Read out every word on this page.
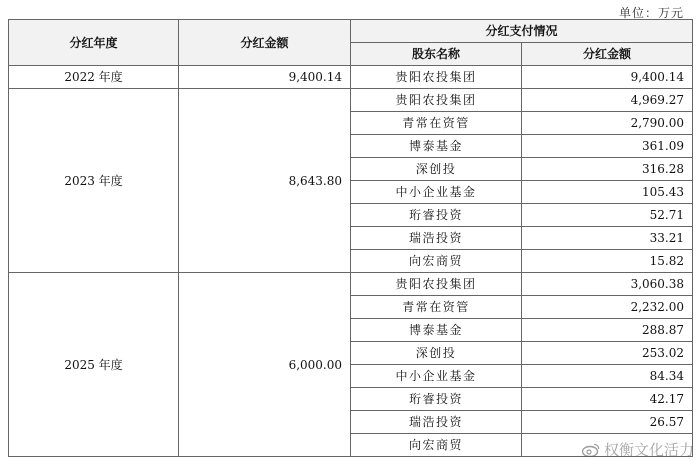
单位：万元
分红年度	分红金额	分红支付情况	
		股东名称	分红金额
2022 年度	9,400.14	贵阳农投集团	9,400.14
2023 年度	8,643.80	贵阳农投集团	4,969.27
		青常在资管	2,790.00
		博泰基金	361.09
		深创投	316.28
		中小企业基金	105.43
		珩睿投资	52.71
		瑞浩投资	33.21
		向宏商贸	15.82
2025 年度	6,000.00	贵阳农投集团	3,060.38
		青常在资管	2,232.00
		博泰基金	288.87
		深创投	253.02
		中小企业基金	84.34
		珩睿投资	42.17
		瑞浩投资	26.57
		向宏商贸		权衡文化活力
